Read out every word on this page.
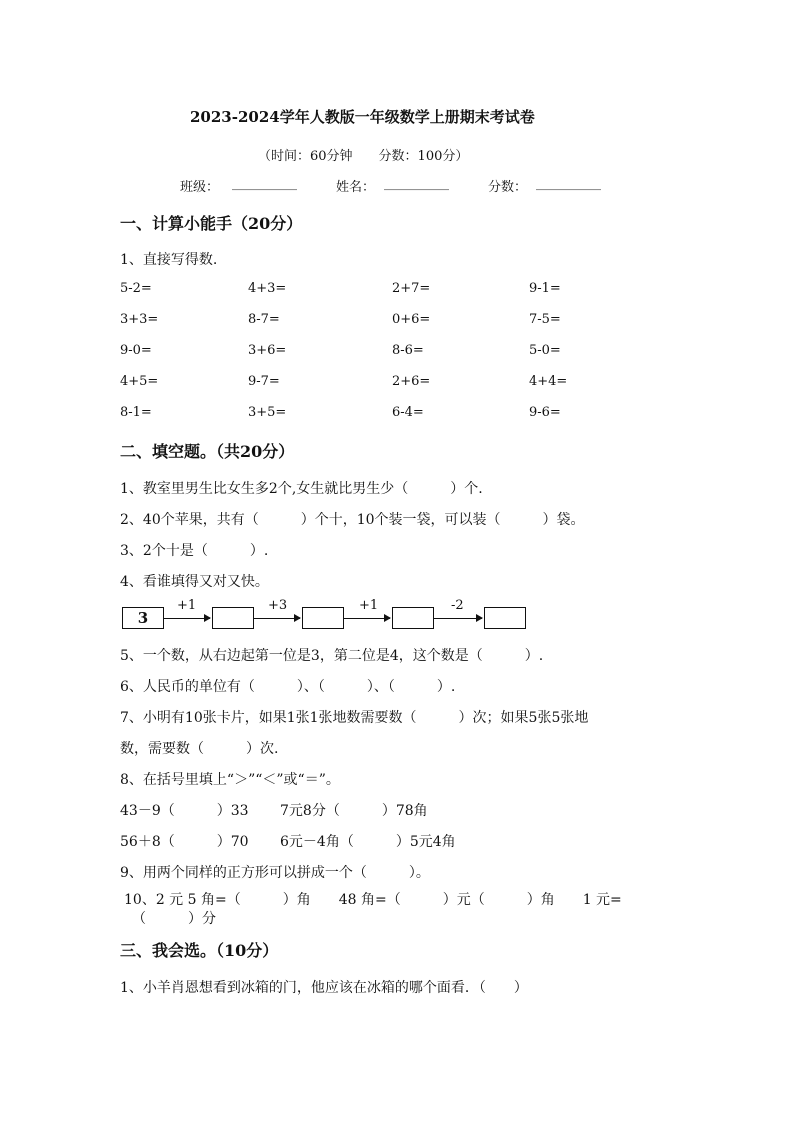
2023-2024学年人教版一年级数学上册期末考试卷
（时间：60分钟　　分数：100分）
班级： __________	姓名： __________	分数： __________
一、计算小能手（20分）
1、直接写得数.
5-2=	4+3=	2+7=	9-1=
3+3=	8-7=	0+6=	7-5=
9-0=	3+6=	8-6=	5-0=
4+5=	9-7=	2+6=	4+4=
8-1=	3+5=	6-4=	9-6=
二、填空题。（共20分）
1、教室里男生比女生多2个,女生就比男生少（　　　）个.
2、40个苹果，共有（　　　）个十，10个装一袋，可以装（　　　）袋。
3、2个十是（　　　）.
4、看谁填得又对又快。
3
+1	+3	+1	-2
5、一个数，从右边起第一位是3，第二位是4，这个数是（　　　）.
6、人民币的单位有（　　　）、（　　　）、（　　　）.
7、小明有10张卡片，如果1张1张地数需要数（　　　）次；如果5张5张地
数，需要数（　　　）次.
8、在括号里填上“＞”“＜”或“＝”。
43－9（　　　）33 7元8分（　　　）78角
56＋8（　　　）70 6元－4角（　　　）5元4角
9、用两个同样的正方形可以拼成一个（　　　）。
10、2 元 5 角=（　　　）角　　48 角=（　　　）元（　　　）角　　1 元=
（　　　）分
三、我会选。（10分）
1、小羊肖恩想看到冰箱的门，他应该在冰箱的哪个面看．（　　）
